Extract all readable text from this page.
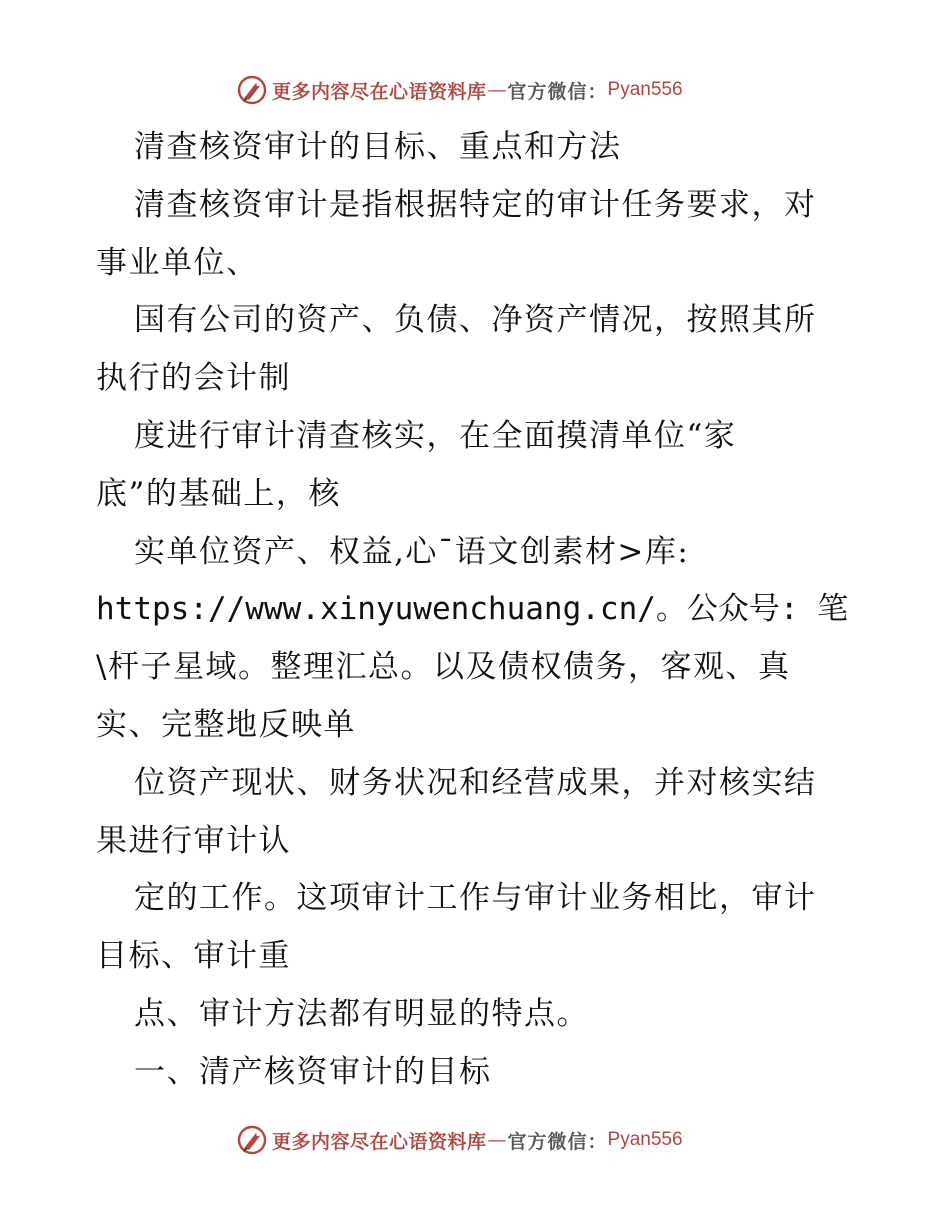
更多内容尽在心语资料库 — 官方微信： Pyan556
清查核资审计的目标、重点和方法
清查核资审计是指根据特定的审计任务要求，对
事业单位、
国有公司的资产、负债、净资产情况，按照其所
执行的会计制
度进行审计清查核实，在全面摸清单位“家
底”的基础上，核
实单位资产、权益,心¯语文创素材>库:
https://www.xinyuwenchuang.cn/。公众号: 笔
\杆子星域。整理汇总。以及债权债务，客观、真
实、完整地反映单
位资产现状、财务状况和经营成果，并对核实结
果进行审计认
定的工作。这项审计工作与审计业务相比，审计
目标、审计重
点、审计方法都有明显的特点。
一、清产核资审计的目标
更多内容尽在心语资料库 — 官方微信： Pyan556
